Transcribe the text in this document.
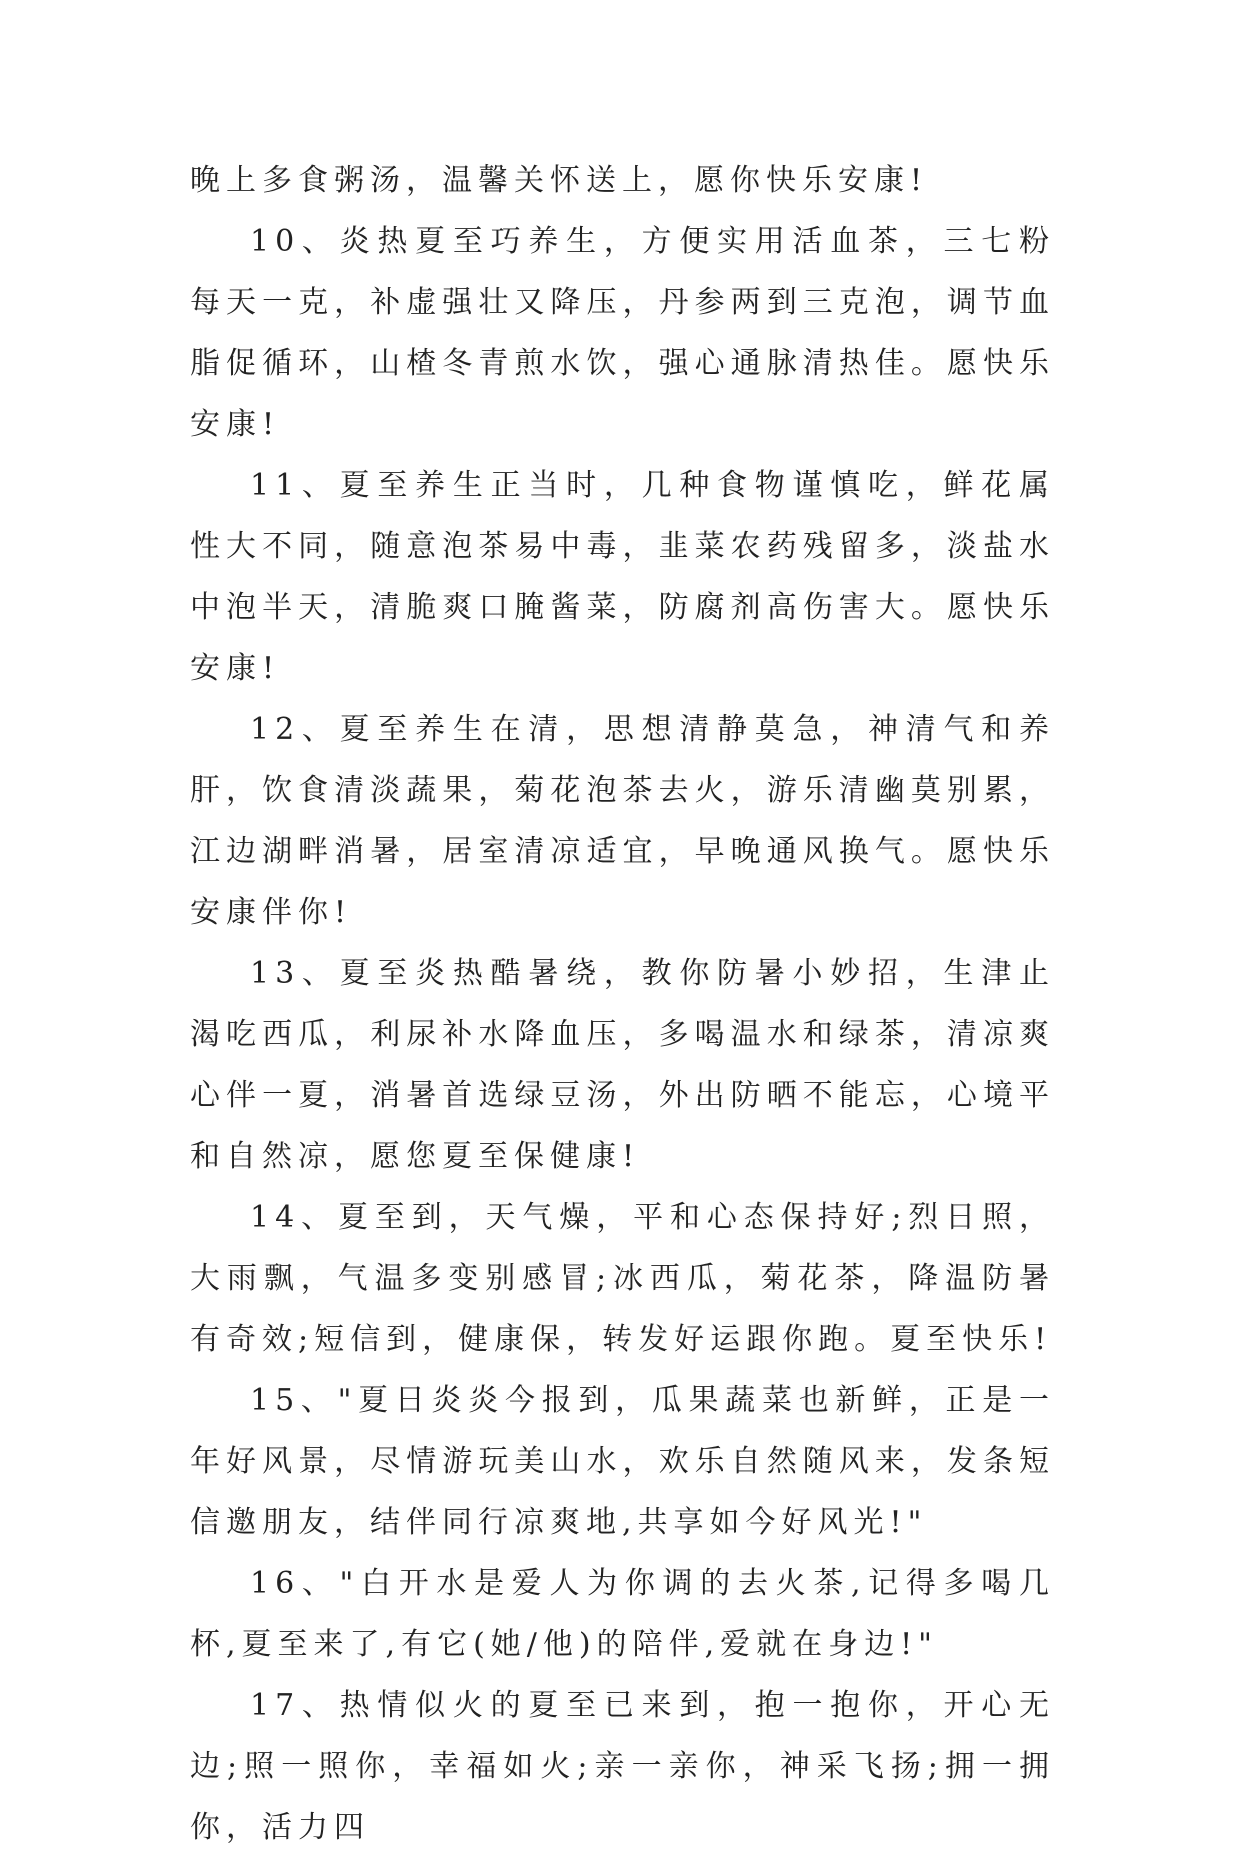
晚上多食粥汤，温馨关怀送上，愿你快乐安康!

10、炎热夏至巧养生，方便实用活血茶，三七粉每天一克，补虚强壮又降压，丹参两到三克泡，调节血脂促循环，山楂冬青煎水饮，强心通脉清热佳。愿快乐安康!

11、夏至养生正当时，几种食物谨慎吃，鲜花属性大不同，随意泡茶易中毒，韭菜农药残留多，淡盐水中泡半天，清脆爽口腌酱菜，防腐剂高伤害大。愿快乐安康!

12、夏至养生在清，思想清静莫急，神清气和养肝，饮食清淡蔬果，菊花泡茶去火，游乐清幽莫别累，江边湖畔消暑，居室清凉适宜，早晚通风换气。愿快乐安康伴你!

13、夏至炎热酷暑绕，教你防暑小妙招，生津止渴吃西瓜，利尿补水降血压，多喝温水和绿茶，清凉爽心伴一夏，消暑首选绿豆汤，外出防晒不能忘，心境平和自然凉，愿您夏至保健康!

14、夏至到，天气燥，平和心态保持好;烈日照，大雨飘，气温多变别感冒;冰西瓜，菊花茶，降温防暑有奇效;短信到，健康保，转发好运跟你跑。夏至快乐!

15、"夏日炎炎今报到，瓜果蔬菜也新鲜，正是一年好风景，尽情游玩美山水，欢乐自然随风来，发条短信邀朋友，结伴同行凉爽地,共享如今好风光!"

16、"白开水是爱人为你调的去火茶,记得多喝几杯,夏至来了,有它(她/他)的陪伴,爱就在身边!"

17、热情似火的夏至已来到，抱一抱你，开心无边;照一照你，幸福如火;亲一亲你，神采飞扬;拥一拥你，活力四
